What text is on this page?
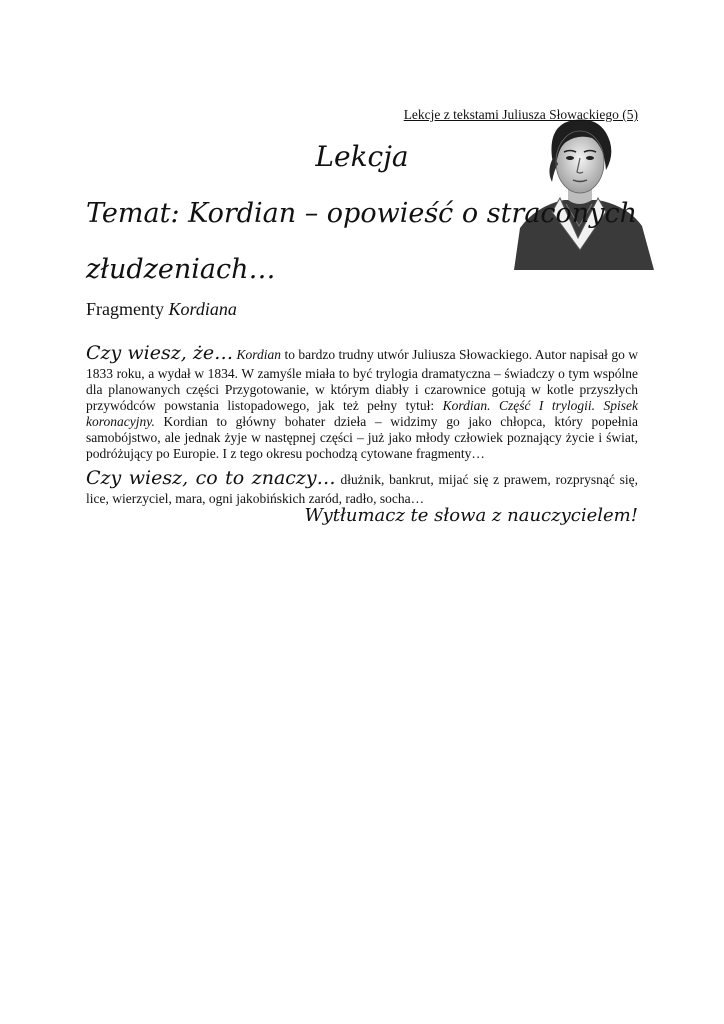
Lekcje z tekstami Juliusza Słowackiego (5)
Lekcja
Temat: Kordian – opowieść o straconych złudzeniach…
Fragmenty Kordiana

Czy wiesz, że… Kordian to bardzo trudny utwór Juliusza Słowackiego. Autor napisał go w 1833 roku, a wydał w 1834. W zamyśle miała to być trylogia dramatyczna – świadczy o tym wspólne dla planowanych części Przygotowanie, w którym diabły i czarownice gotują w kotle przyszłych przywódców powstania listopadowego, jak też pełny tytuł: Kordian. Część I trylogii. Spisek koronacyjny. Kordian to główny bohater dzieła – widzimy go jako chłopca, który popełnia samobójstwo, ale jednak żyje w następnej części – już jako młody człowiek poznający życie i świat, podróżujący po Europie. I z tego okresu pochodzą cytowane fragmenty…

Czy wiesz, co to znaczy… dłużnik, bankrut, mijać się z prawem, rozprysnąć się, lice, wierzyciel, mara, ogni jakobińskich zaród, radło, socha…

Wytłumacz te słowa z nauczycielem!
